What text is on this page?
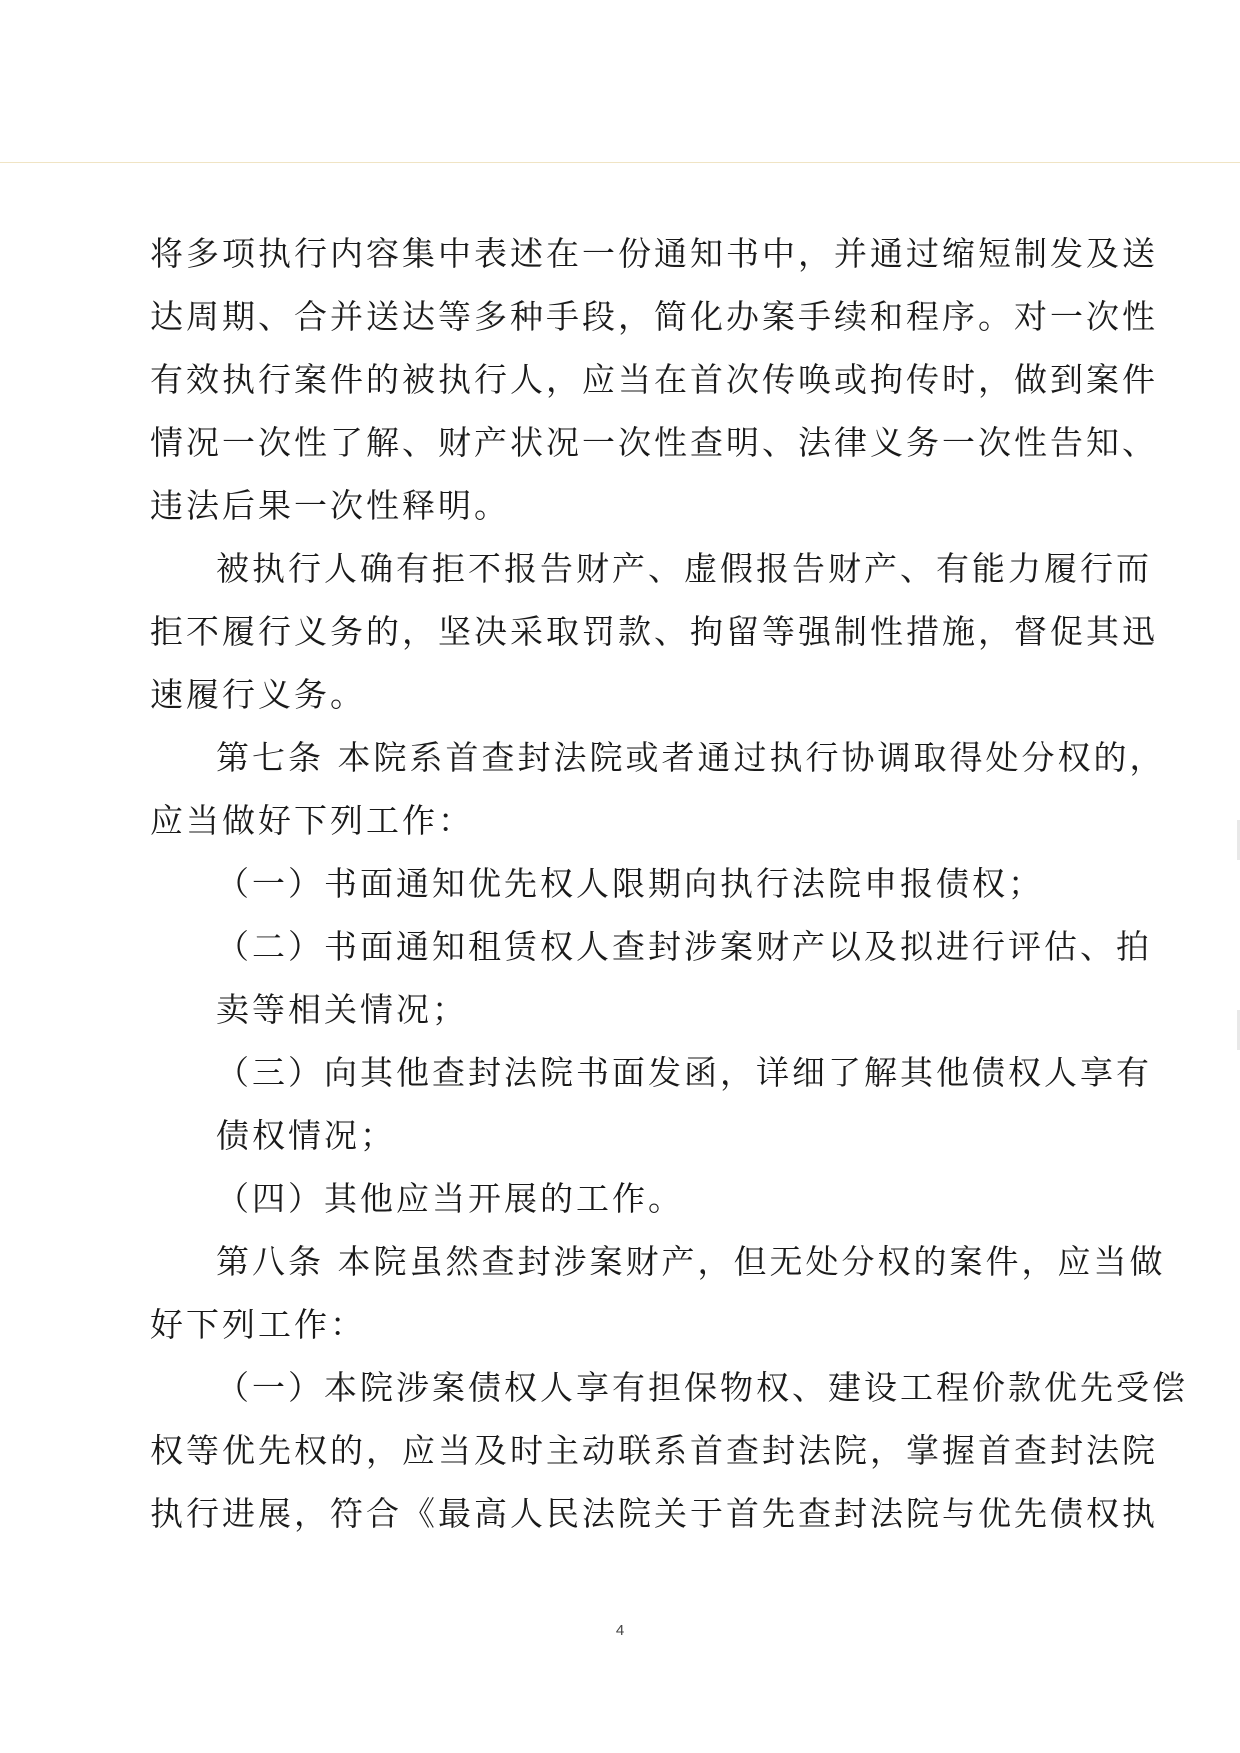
将多项执行内容集中表述在一份通知书中，并通过缩短制发及送
达周期、合并送达等多种手段，简化办案手续和程序。对一次性
有效执行案件的被执行人，应当在首次传唤或拘传时，做到案件
情况一次性了解、财产状况一次性查明、法律义务一次性告知、
违法后果一次性释明。
被执行人确有拒不报告财产、虚假报告财产、有能力履行而
拒不履行义务的，坚决采取罚款、拘留等强制性措施，督促其迅
速履行义务。
第七条 本院系首查封法院或者通过执行协调取得处分权的，
应当做好下列工作：
（一）书面通知优先权人限期向执行法院申报债权；
（二）书面通知租赁权人查封涉案财产以及拟进行评估、拍
卖等相关情况；
（三）向其他查封法院书面发函，详细了解其他债权人享有
债权情况；
（四）其他应当开展的工作。
第八条 本院虽然查封涉案财产，但无处分权的案件，应当做
好下列工作：
（一）本院涉案债权人享有担保物权、建设工程价款优先受偿
权等优先权的，应当及时主动联系首查封法院，掌握首查封法院
执行进展，符合《最高人民法院关于首先查封法院与优先债权执
4
